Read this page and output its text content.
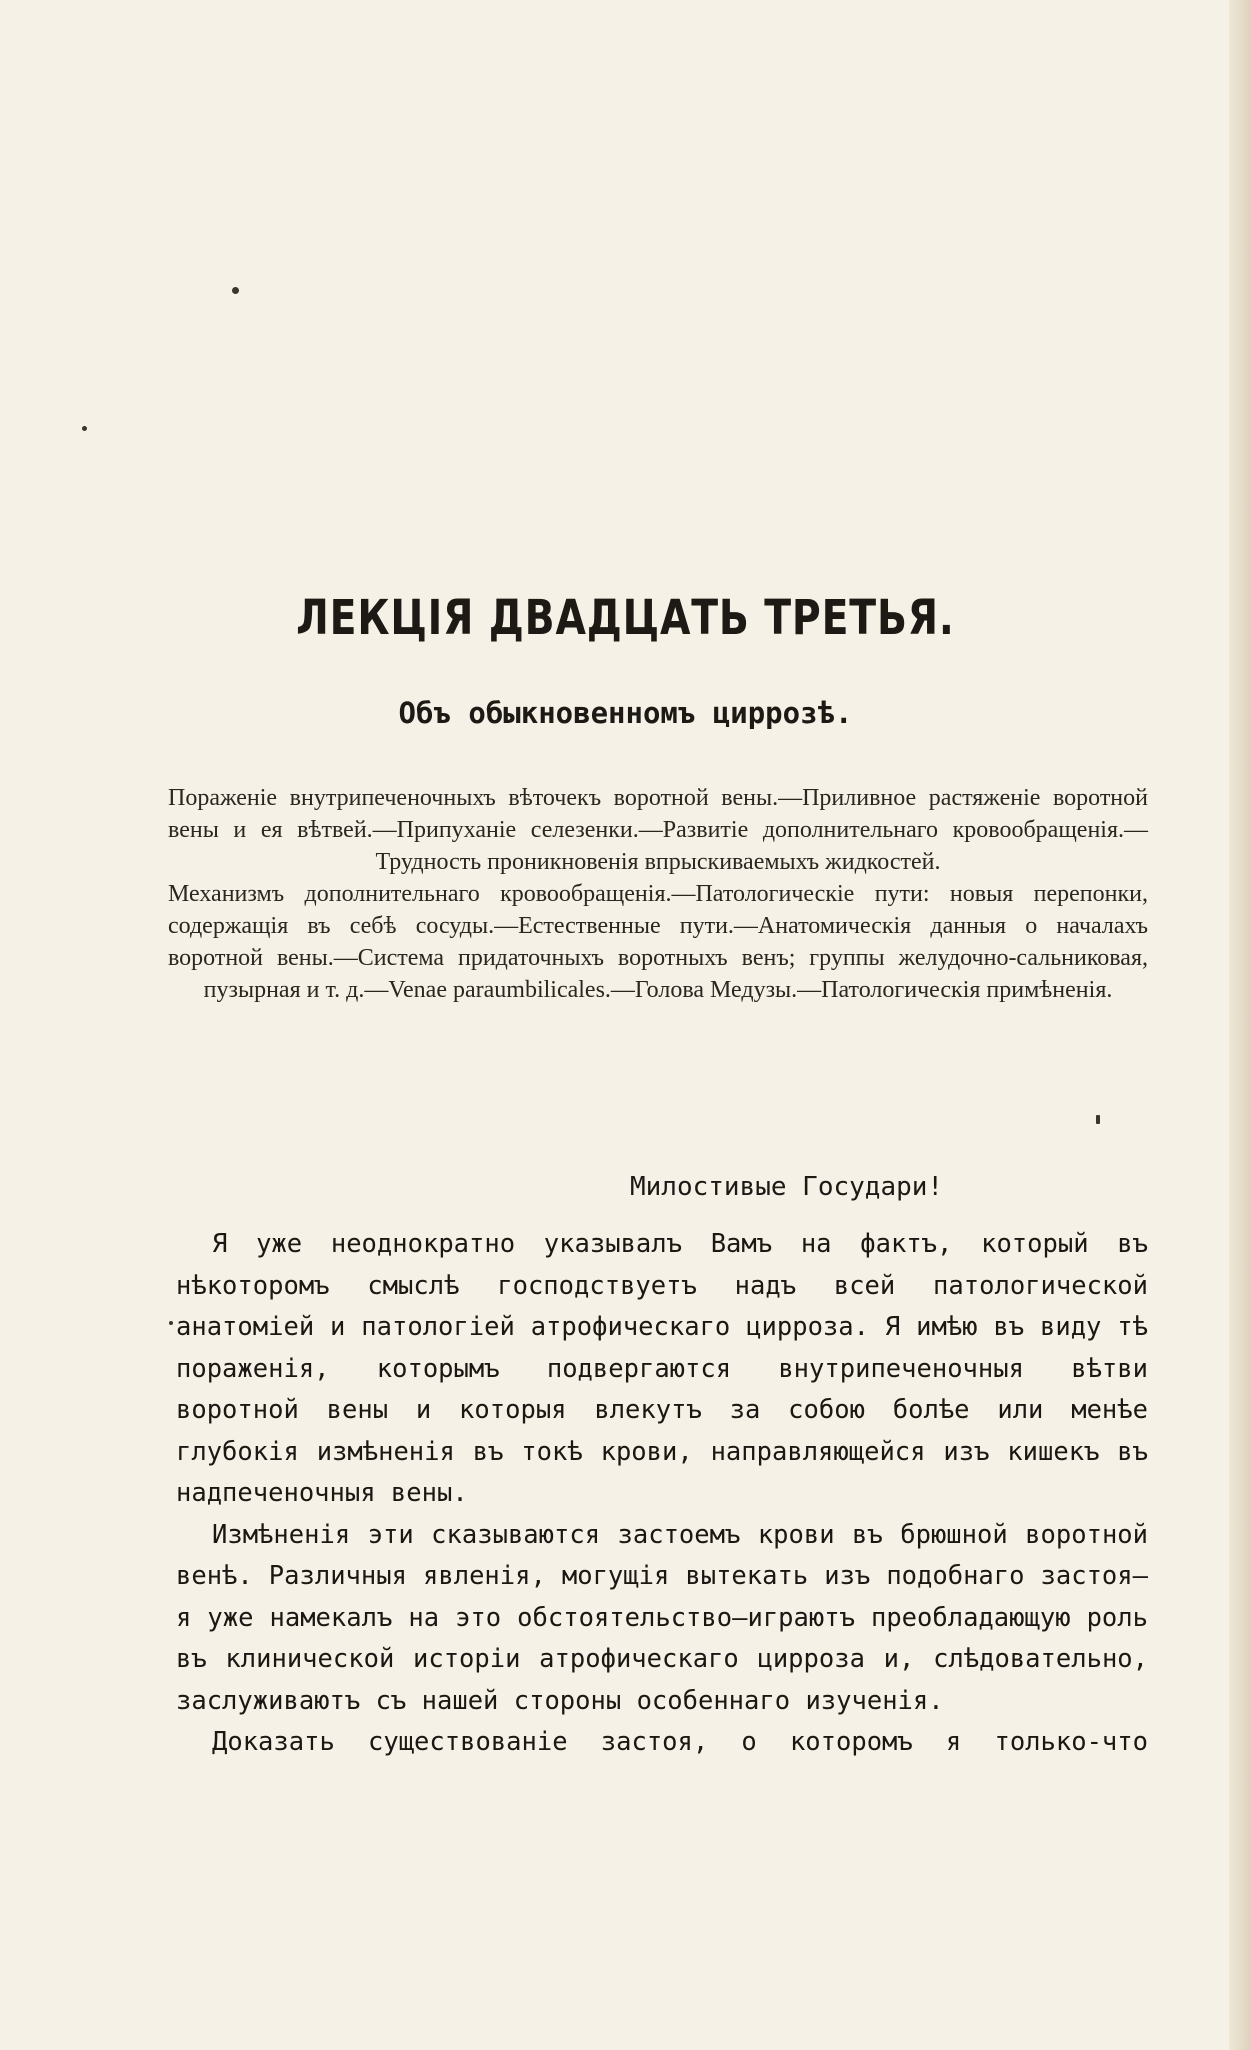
ЛЕКЦІЯ ДВАДЦАТЬ ТРЕТЬЯ.
Объ обыкновенномъ циррозѣ.

Пораженіе внутрипеченочныхъ вѣточекъ воротной вены.—Приливное растяженіе воротной вены и ея вѣтвей.—Припуханіе селезенки.—Развитіе дополнительнаго кровообращенія.—Трудность проникновенія впрыскиваемыхъ жидкостей.

Механизмъ дополнительнаго кровообращенія.—Патологическіе пути: новыя перепонки, содержащія въ себѣ сосуды.—Естественные пути.—Анатомическія данныя о началахъ воротной вены.—Система придаточныхъ воротныхъ венъ; группы желудочно-сальниковая, пузырная и т. д.—Venae paraumbilicales.—Голова Медузы.—Патологическія примѣненія.

Милостивые Государи!

Я уже неоднократно указывалъ Вамъ на фактъ, который въ нѣкоторомъ смыслѣ господствуетъ надъ всей патологической анатоміей и патологіей атрофическаго цирроза. Я имѣю въ виду тѣ пораженія, которымъ подвергаются внутрипеченочныя вѣтви воротной вены и которыя влекутъ за собою болѣе или менѣе глубокія измѣненія въ токѣ крови, направляющейся изъ кишекъ въ надпеченочныя вены.

Измѣненія эти сказываются застоемъ крови въ брюшной воротной венѣ. Различныя явленія, могущія вытекать изъ подобнаго застоя—я уже намекалъ на это обстоятельство—играютъ преобладающую роль въ клинической исторіи атрофическаго цирроза и, слѣдовательно, заслуживаютъ съ нашей стороны особеннаго изученія.

Доказать существованіе застоя, о которомъ я только-что
